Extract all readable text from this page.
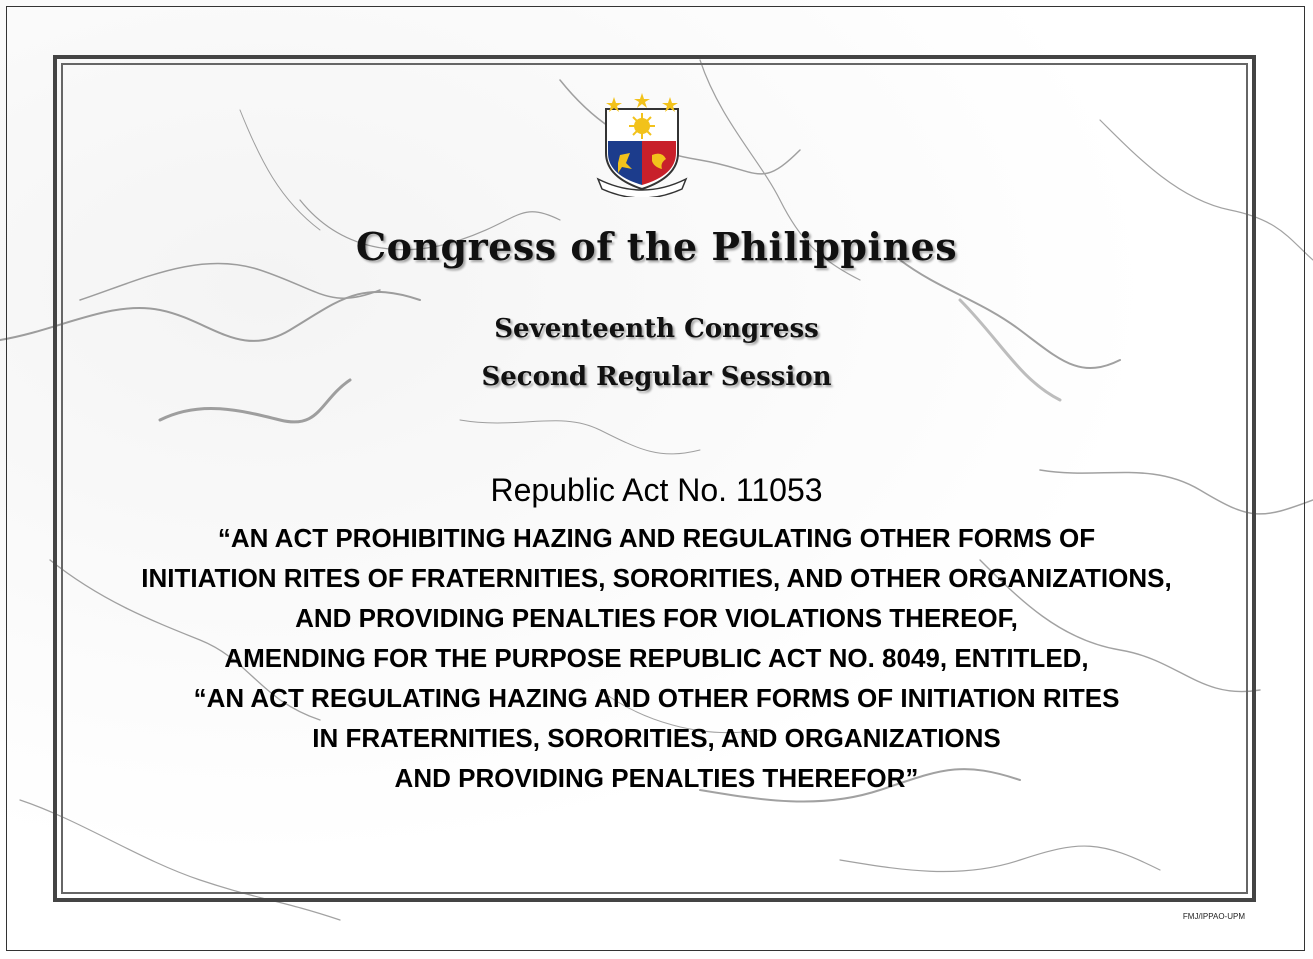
Congress of the Philippines
Seventeenth Congress
Second Regular Session
Republic Act No. 11053
“AN ACT PROHIBITING HAZING AND REGULATING OTHER FORMS OF
INITIATION RITES OF FRATERNITIES, SORORITIES, AND OTHER ORGANIZATIONS,
AND PROVIDING PENALTIES FOR VIOLATIONS THEREOF,
AMENDING FOR THE PURPOSE REPUBLIC ACT NO. 8049, ENTITLED,
“AN ACT REGULATING HAZING AND OTHER FORMS OF INITIATION RITES
IN FRATERNITIES, SORORITIES, AND ORGANIZATIONS
AND PROVIDING PENALTIES THEREFOR”
FMJ/IPPAO-UPM
